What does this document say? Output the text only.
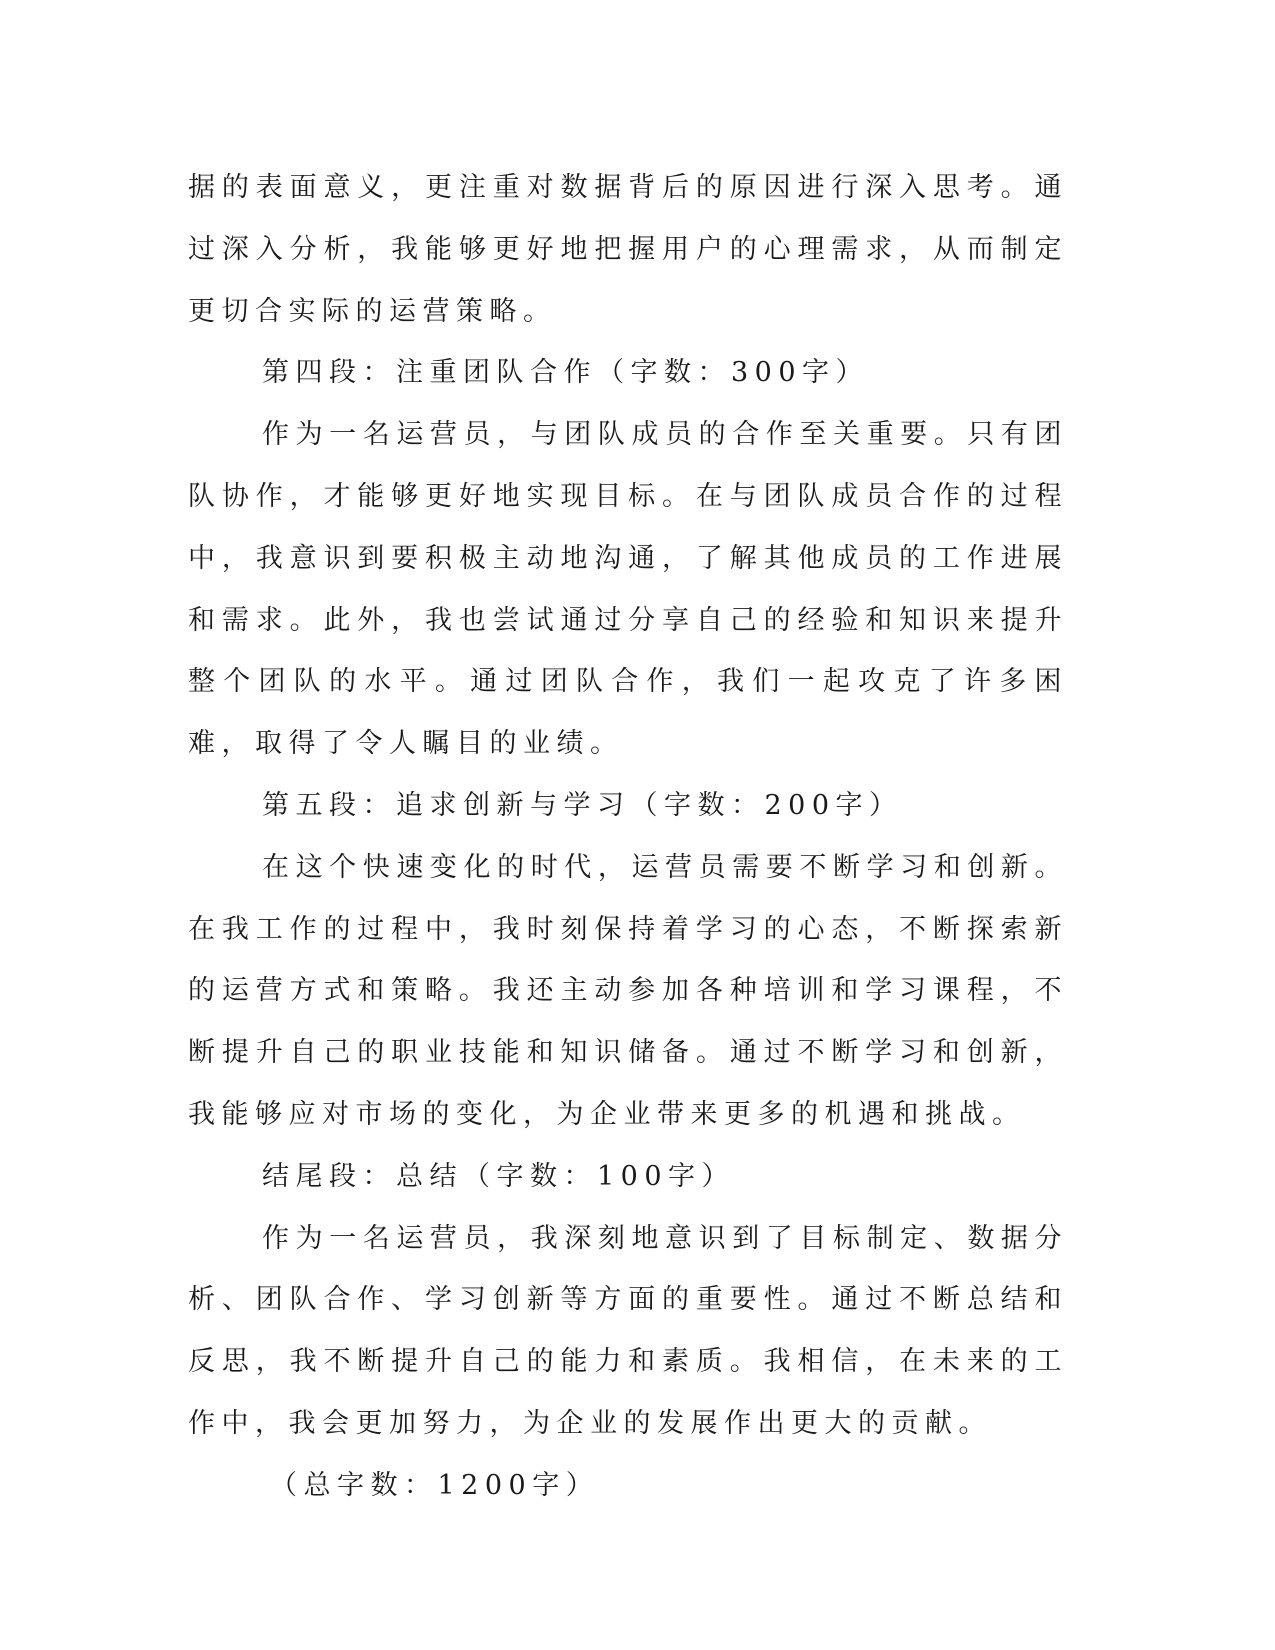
据的表面意义，更注重对数据背后的原因进行深入思考。通过深入分析，我能够更好地把握用户的心理需求，从而制定更切合实际的运营策略。

第四段：注重团队合作（字数：300字）

作为一名运营员，与团队成员的合作至关重要。只有团队协作，才能够更好地实现目标。在与团队成员合作的过程中，我意识到要积极主动地沟通，了解其他成员的工作进展和需求。此外，我也尝试通过分享自己的经验和知识来提升整个团队的水平。通过团队合作，我们一起攻克了许多困难，取得了令人瞩目的业绩。

第五段：追求创新与学习（字数：200字）

在这个快速变化的时代，运营员需要不断学习和创新。在我工作的过程中，我时刻保持着学习的心态，不断探索新的运营方式和策略。我还主动参加各种培训和学习课程，不断提升自己的职业技能和知识储备。通过不断学习和创新，我能够应对市场的变化，为企业带来更多的机遇和挑战。

结尾段：总结（字数：100字）

作为一名运营员，我深刻地意识到了目标制定、数据分析、团队合作、学习创新等方面的重要性。通过不断总结和反思，我不断提升自己的能力和素质。我相信，在未来的工作中，我会更加努力，为企业的发展作出更大的贡献。

（总字数：1200字）
